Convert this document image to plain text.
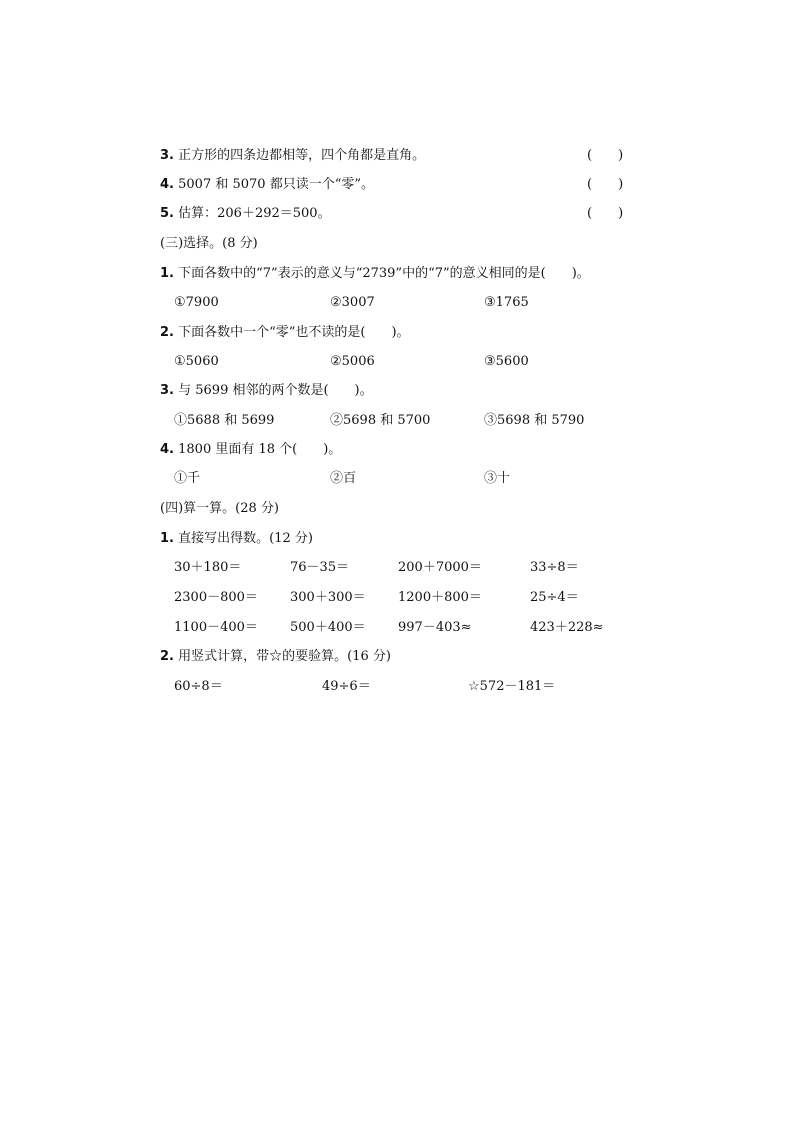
3. 正方形的四条边都相等，四个角都是直角。	(　　)
4. 5007 和 5070 都只读一个“零”。	(　　)
5. 估算：206＋292＝500。	(　　)
(三)选择。(8 分)
1. 下面各数中的“7”表示的意义与“2739”中的“7”的意义相同的是(　　)。
①7900	②3007	③1765
2. 下面各数中一个“零”也不读的是(　　)。
①5060	②5006	③5600
3. 与 5699 相邻的两个数是(　　)。
①5688 和 5699	②5698 和 5700	③5698 和 5790
4. 1800 里面有 18 个(　　)。
①千	②百	③十
(四)算一算。(28 分)
1. 直接写出得数。(12 分)
30＋180＝	76－35＝	200＋7000＝	33÷8＝
2300－800＝ 300＋300＝ 1200＋800＝	25÷4＝
1100－400＝ 500＋400＝ 997－403≈	423＋228≈
2. 用竖式计算，带☆的要验算。(16 分)
60÷8＝	49÷6＝	☆572－181＝
